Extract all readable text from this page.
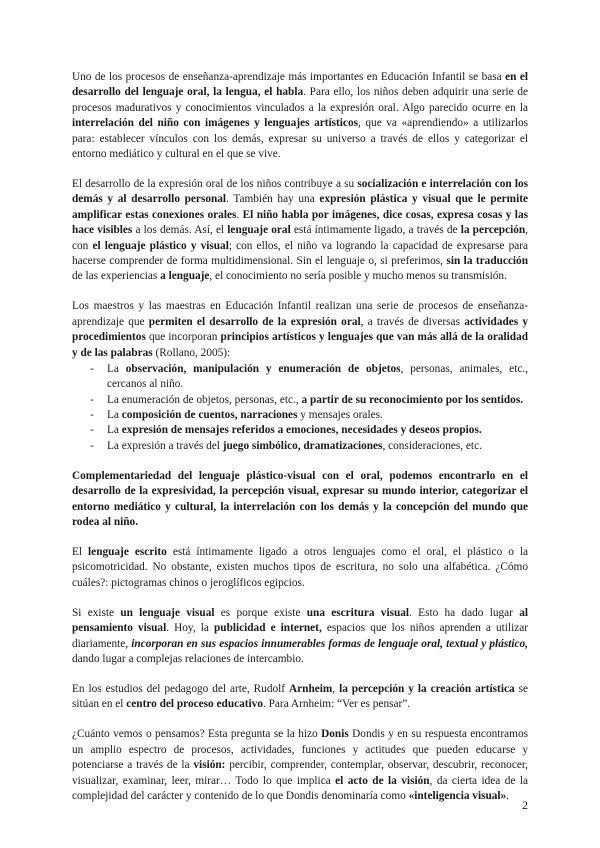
Uno de los procesos de enseñanza-aprendizaje más importantes en Educación Infantil se basa en el desarrollo del lenguaje oral, la lengua, el habla. Para ello, los niños deben adquirir una serie de procesos madurativos y conocimientos vinculados a la expresión oral. Algo parecido ocurre en la interrelación del niño con imágenes y lenguajes artísticos, que va «aprendiendo» a utilizarlos para: establecer vínculos con los demás, expresar su universo a través de ellos y categorizar el entorno mediático y cultural en el que se vive.

El desarrollo de la expresión oral de los niños contribuye a su socialización e interrelación con los demás y al desarrollo personal. También hay una expresión plástica y visual que le permite amplificar estas conexiones orales. El niño habla por imágenes, dice cosas, expresa cosas y las hace visibles a los demás. Así, el lenguaje oral está íntimamente ligado, a través de la percepción, con el lenguaje plástico y visual; con ellos, el niño va logrando la capacidad de expresarse para hacerse comprender de forma multidimensional. Sin el lenguaje o, si preferimos, sin la traducción de las experiencias a lenguaje, el conocimiento no sería posible y mucho menos su transmisión.

Los maestros y las maestras en Educación Infantil realizan una serie de procesos de enseñanza-aprendizaje que permiten el desarrollo de la expresión oral, a través de diversas actividades y procedimientos que incorporan principios artísticos y lenguajes que van más allá de la oralidad y de las palabras (Rollano, 2005):

- La observación, manipulación y enumeración de objetos, personas, animales, etc., cercanos al niño.
- La enumeración de objetos, personas, etc., a partir de su reconocimiento por los sentidos.
- La composición de cuentos, narraciones y mensajes orales.
- La expresión de mensajes referidos a emociones, necesidades y deseos propios.
- La expresión a través del juego simbólico, dramatizaciones, consideraciones, etc.

Complementariedad del lenguaje plástico-visual con el oral, podemos encontrarlo en el desarrollo de la expresividad, la percepción visual, expresar su mundo interior, categorizar el entorno mediático y cultural, la interrelación con los demás y la concepción del mundo que rodea al niño.

El lenguaje escrito está íntimamente ligado a otros lenguajes como el oral, el plástico o la psicomotricidad. No obstante, existen muchos tipos de escritura, no solo una alfabética. ¿Cómo cuáles?: pictogramas chinos o jeroglíficos egipcios.

Si existe un lenguaje visual es porque existe una escritura visual. Esto ha dado lugar al pensamiento visual. Hoy, la publicidad e internet, espacios que los niños aprenden a utilizar diariamente, incorporan en sus espacios innumerables formas de lenguaje oral, textual y plástico, dando lugar a complejas relaciones de intercambio.

En los estudios del pedagogo del arte, Rudolf Arnheim, la percepción y la creación artística se sitúan en el centro del proceso educativo. Para Arnheim: “Ver es pensar”.

¿Cuánto vemos o pensamos? Esta pregunta se la hizo Donis Dondis y en su respuesta encontramos un amplio espectro de procesos, actividades, funciones y actitudes que pueden educarse y potenciarse a través de la visión: percibir, comprender, contemplar, observar, descubrir, reconocer, visualizar, examinar, leer, mirar… Todo lo que implica el acto de la visión, da cierta idea de la complejidad del carácter y contenido de lo que Dondis denominaría como «inteligencia visual».

2
